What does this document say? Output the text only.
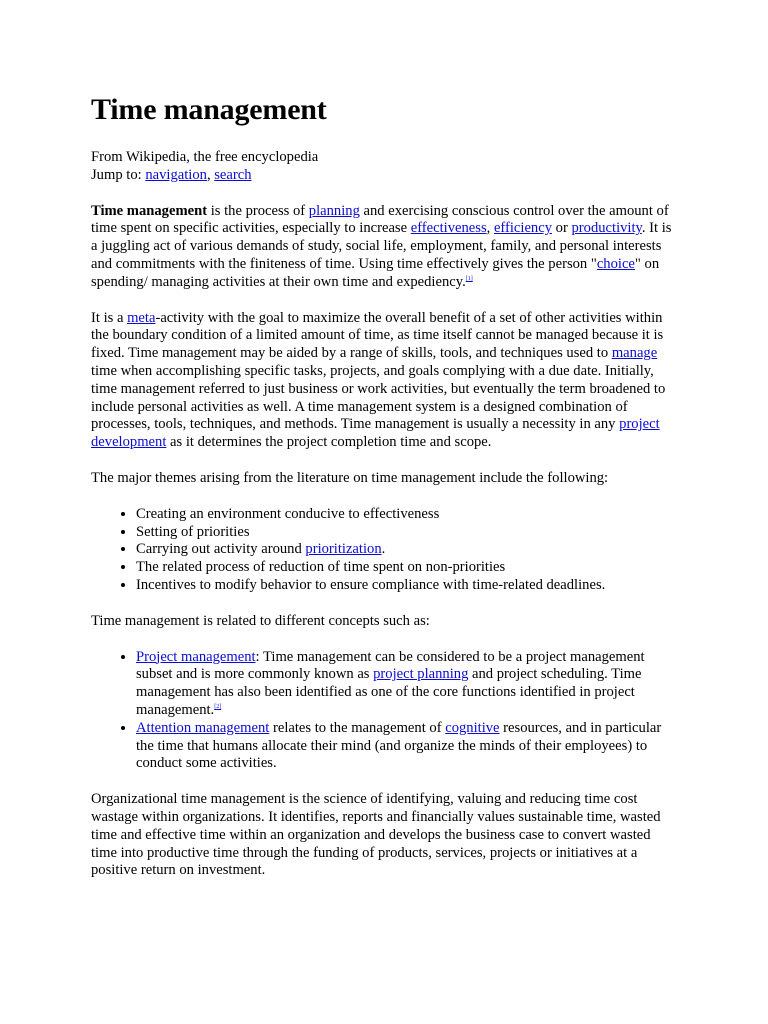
Time management
From Wikipedia, the free encyclopedia
Jump to: navigation, search

Time management is the process of planning and exercising conscious control over the amount of time spent on specific activities, especially to increase effectiveness, efficiency or productivity. It is a juggling act of various demands of study, social life, employment, family, and personal interests and commitments with the finiteness of time. Using time effectively gives the person "choice" on spending/ managing activities at their own time and expediency.[1]

It is a meta-activity with the goal to maximize the overall benefit of a set of other activities within the boundary condition of a limited amount of time, as time itself cannot be managed because it is fixed. Time management may be aided by a range of skills, tools, and techniques used to manage time when accomplishing specific tasks, projects, and goals complying with a due date. Initially, time management referred to just business or work activities, but eventually the term broadened to include personal activities as well. A time management system is a designed combination of processes, tools, techniques, and methods. Time management is usually a necessity in any project development as it determines the project completion time and scope.

The major themes arising from the literature on time management include the following:

• Creating an environment conducive to effectiveness
• Setting of priorities
• Carrying out activity around prioritization.
• The related process of reduction of time spent on non-priorities
• Incentives to modify behavior to ensure compliance with time-related deadlines.

Time management is related to different concepts such as:

• Project management: Time management can be considered to be a project management subset and is more commonly known as project planning and project scheduling. Time management has also been identified as one of the core functions identified in project management.[2]
• Attention management relates to the management of cognitive resources, and in particular the time that humans allocate their mind (and organize the minds of their employees) to conduct some activities.

Organizational time management is the science of identifying, valuing and reducing time cost wastage within organizations. It identifies, reports and financially values sustainable time, wasted time and effective time within an organization and develops the business case to convert wasted time into productive time through the funding of products, services, projects or initiatives at a positive return on investment.
